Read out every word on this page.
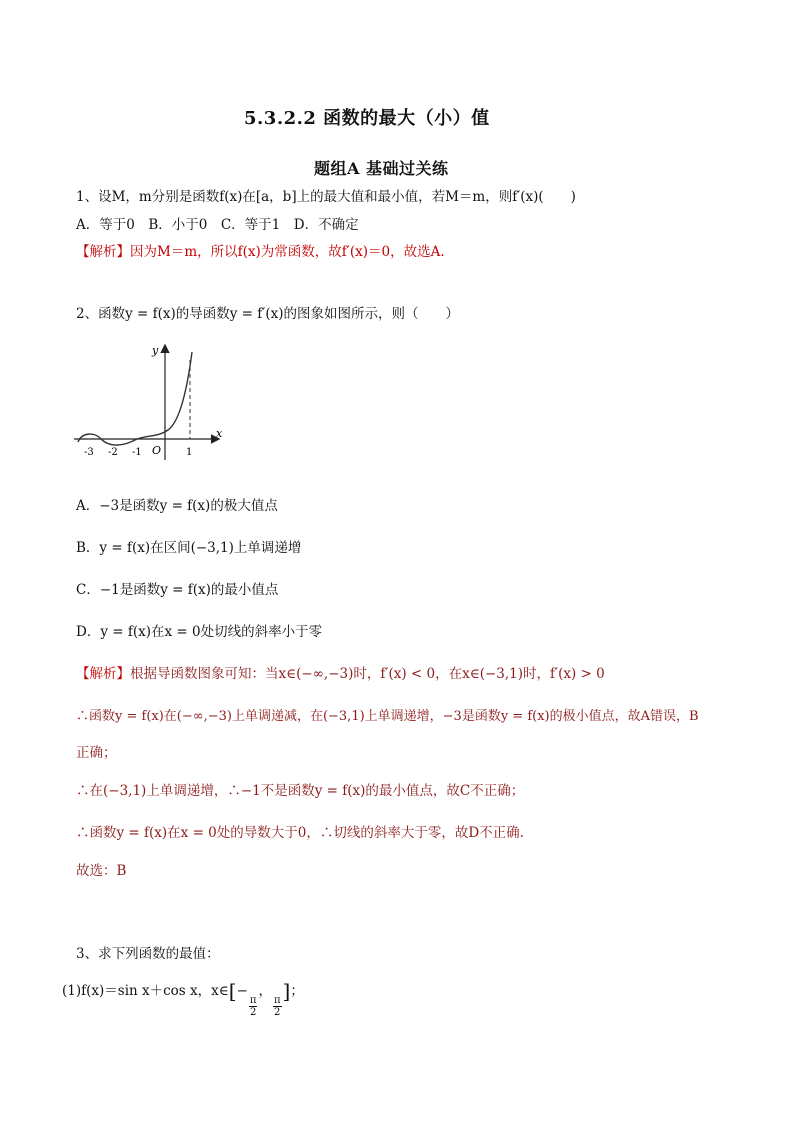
5.3.2.2 函数的最大（小）值
题组A 基础过关练
1、设M，m分别是函数f(x)在[a，b]上的最大值和最小值，若M＝m，则f′(x)(　　)
A．等于0　B．小于0　C．等于1　D．不确定
【解析】因为M＝m，所以f(x)为常函数，故f′(x)＝0，故选A.
2、函数y = f(x)的导函数y = f′(x)的图象如图所示，则（　　）
y
x
O
-3 -2 -1	1
A．−3是函数y = f(x)的极大值点
B．y = f(x)在区间(−3,1)上单调递增
C．−1是函数y = f(x)的最小值点
D．y = f(x)在x = 0处切线的斜率小于零
【解析】根据导函数图象可知：当x∈(−∞,−3)时，f′(x) < 0，在x∈(−3,1)时，f′(x) > 0
∴函数y = f(x)在(−∞,−3)上单调递减，在(−3,1)上单调递增，−3是函数y = f(x)的极小值点，故A错误，B
正确；
∴在(−3,1)上单调递增，∴−1不是函数y = f(x)的最小值点，故C不正确；
∴函数y = f(x)在x = 0处的导数大于0，∴切线的斜率大于零，故D不正确.
故选：B
3、求下列函数的最值：
(1)f(x)＝sin x＋cos x，x∈[−
$\frac{\pi}{2}$
，
$\frac{\pi}{2}$
]；
